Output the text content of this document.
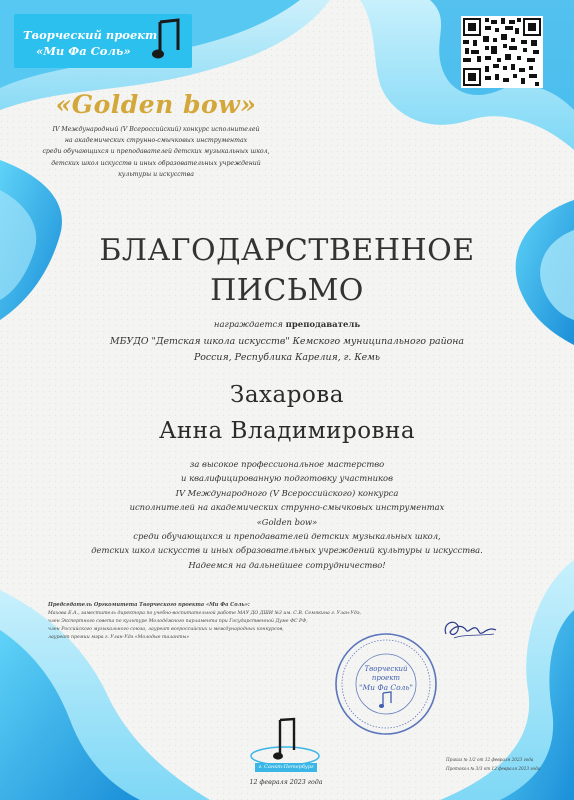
Творческий проект
«Ми Фа Соль»
«Golden bow»
IV Международный (V Всероссийский) конкурс исполнителей
на академических струнно-смычковых инструментах
среди обучающихся и преподавателей детских музыкальных школ,
детских школ искусств и иных образовательных учреждений
культуры и искусства
БЛАГОДАРСТВЕННОЕ
ПИСЬМО
награждается преподаватель
МБУДО "Детская школа искусств" Кемского муниципального района
Россия, Республика Карелия, г. Кемь
Захарова
Анна Владимировна
за высокое профессиональное мастерство
и квалифицированную подготовку участников
IV Международного (V Всероссийского) конкурса
исполнителей на академических струнно-смычковых инструментах
«Golden bow»
среди обучающихся и преподавателей детских музыкальных школ,
детских школ искусств и иных образовательных учреждений культуры и искусства.
Надеемся на дальнейшее сотрудничество!
Председатель Оргкомитета Творческого проекта «Ми Фа Соль»:
Махова Е.А., заместитель директора по учебно-воспитательной работе МАУ ДО ДШИ №3 им. С.В. Семякина г. Улан-Удэ,
член Экспертного совета по культуре Молодёжного парламента при Государственной Думе ФС РФ,
член Российского музыкального союза, лауреат всероссийских и международных конкурсов,
лауреат премии мэра г. Улан-Удэ «Молодые таланты»
Творческий
проект
"Ми Фа Соль"
г. Санкт-Петербург
12 февраля 2023 года
Приказ № 1/2 от 12 февраля 2023 года
Протокол № 3/3 от 12 февраля 2023 года
